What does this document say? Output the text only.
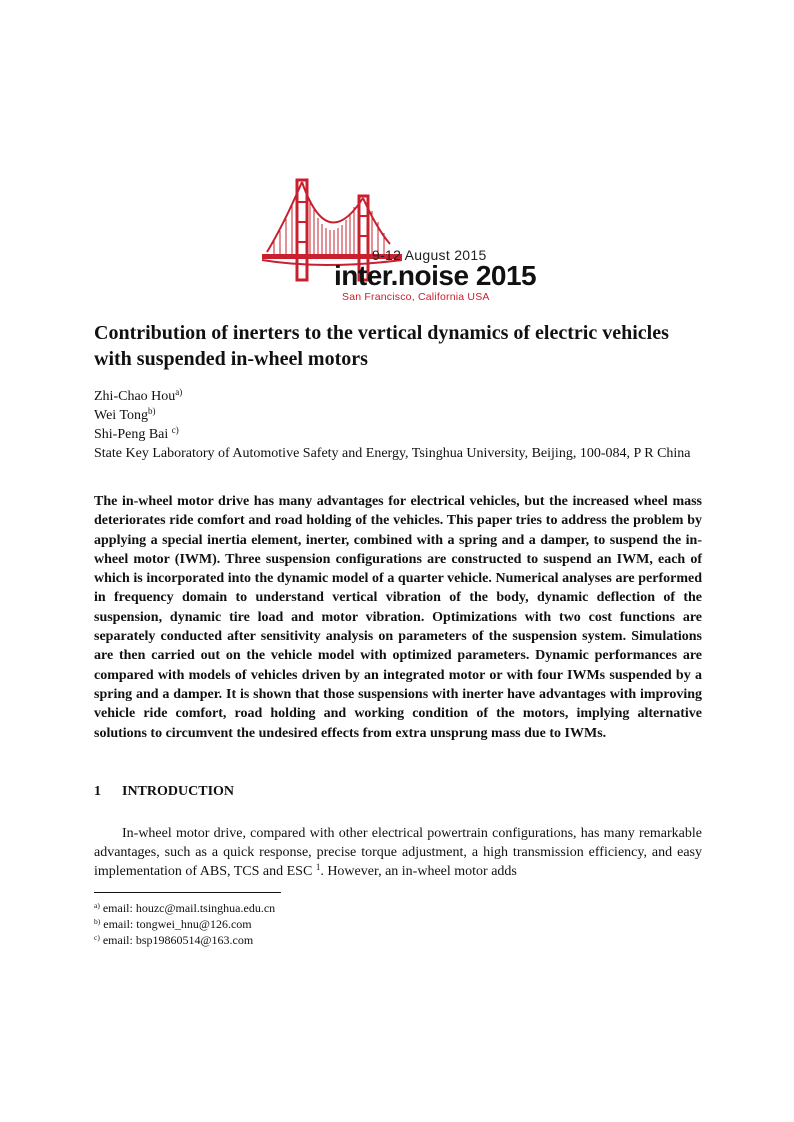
9-12 August 2015
inter.noise 2015
San Francisco, California USA
Contribution of inerters to the vertical dynamics of electric vehicles with suspended in-wheel motors
Zhi-Chao Hou$^{a)}$
Wei Tong$^{b)}$
Shi-Peng Bai $^{c)}$
State Key Laboratory of Automotive Safety and Energy, Tsinghua University, Beijing, 100-084, P R China

The in-wheel motor drive has many advantages for electrical vehicles, but the increased wheel mass deteriorates ride comfort and road holding of the vehicles. This paper tries to address the problem by applying a special inertia element, inerter, combined with a spring and a damper, to suspend the in-wheel motor (IWM). Three suspension configurations are constructed to suspend an IWM, each of which is incorporated into the dynamic model of a quarter vehicle. Numerical analyses are performed in frequency domain to understand vertical vibration of the body, dynamic deflection of the suspension, dynamic tire load and motor vibration. Optimizations with two cost functions are separately conducted after sensitivity analysis on parameters of the suspension system. Simulations are then carried out on the vehicle model with optimized parameters. Dynamic performances are compared with models of vehicles driven by an integrated motor or with four IWMs suspended by a spring and a damper. It is shown that those suspensions with inerter have advantages with improving vehicle ride comfort, road holding and working condition of the motors, implying alternative solutions to circumvent the undesired effects from extra unsprung mass due to IWMs.

1 INTRODUCTION

In-wheel motor drive, compared with other electrical powertrain configurations, has many remarkable advantages, such as a quick response, precise torque adjustment, a high transmission efficiency, and easy implementation of ABS, TCS and ESC $^1$. However, an in-wheel motor adds

$^{a)}$ email: houzc@mail.tsinghua.edu.cn
$^{b)}$ email: tongwei_hnu@126.com
$^{c)}$ email: bsp19860514@163.com
